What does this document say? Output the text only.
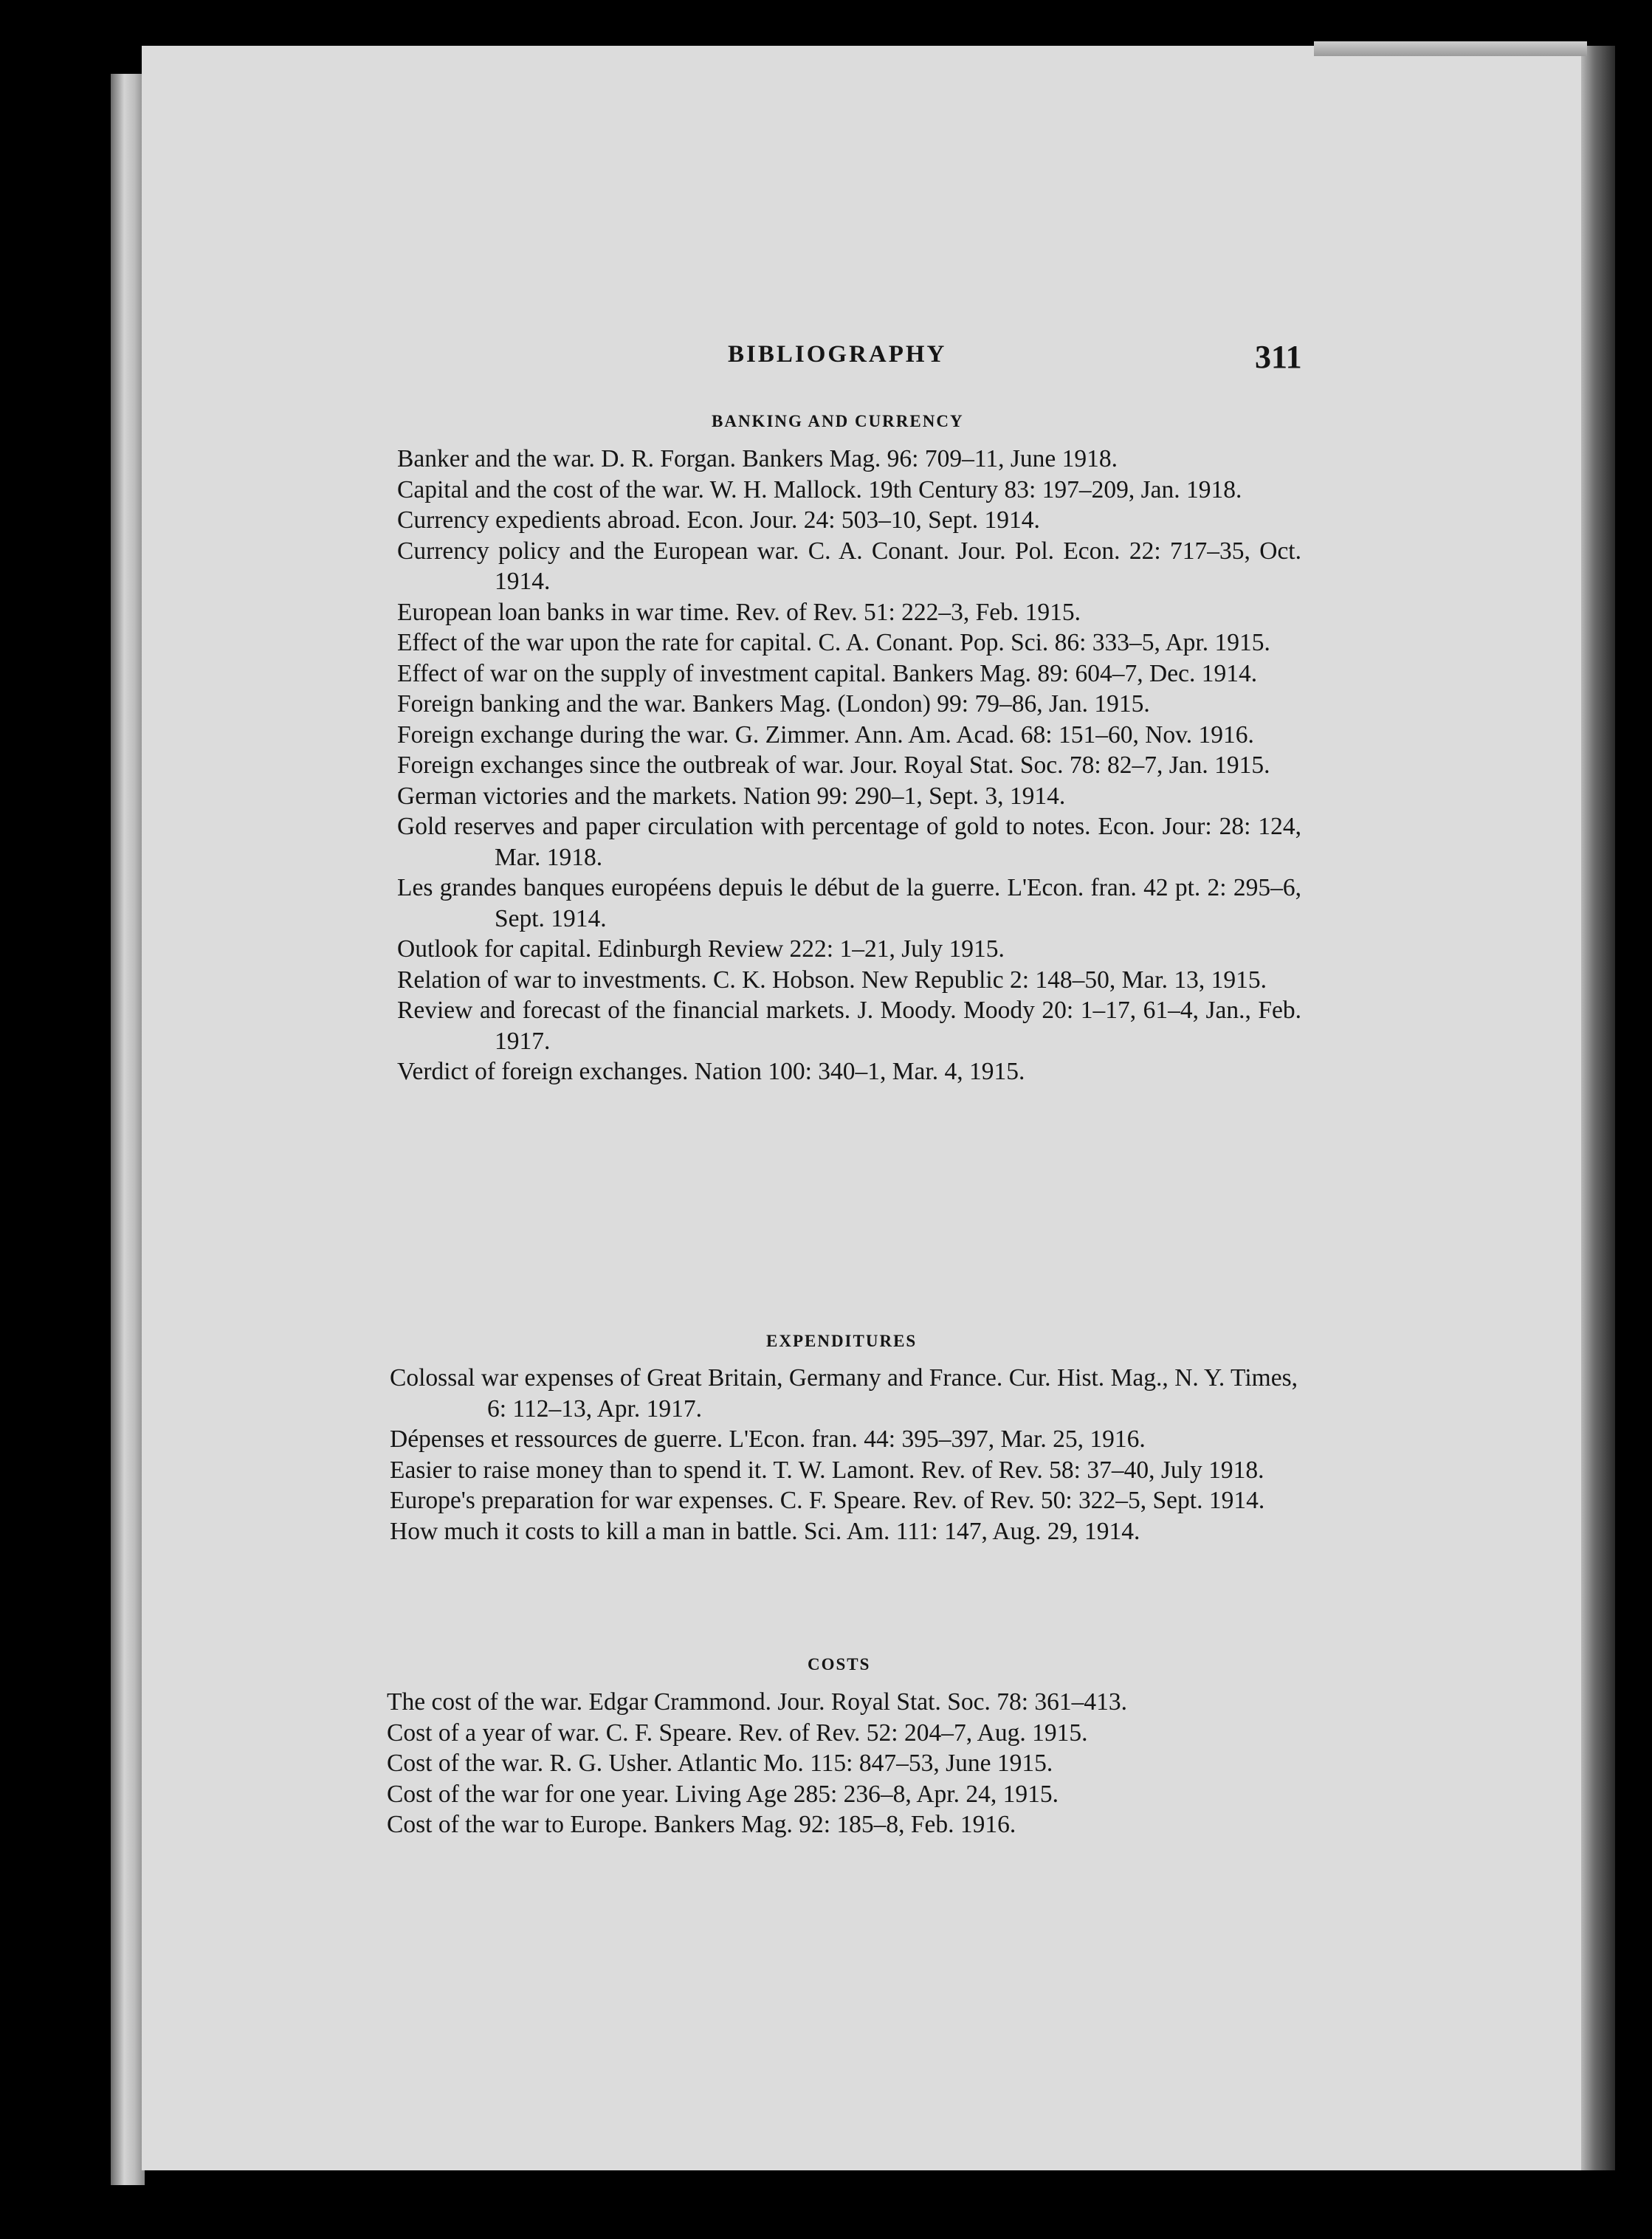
BIBLIOGRAPHY	311
BANKING AND CURRENCY

Banker and the war. D. R. Forgan. Bankers Mag. 96: 709–11, June 1918.

Capital and the cost of the war. W. H. Mallock. 19th Century 83: 197–209, Jan. 1918.

Currency expedients abroad. Econ. Jour. 24: 503–10, Sept. 1914.

Currency policy and the European war. C. A. Conant. Jour. Pol. Econ. 22: 717–35, Oct. 1914.

European loan banks in war time. Rev. of Rev. 51: 222–3, Feb. 1915.

Effect of the war upon the rate for capital. C. A. Conant. Pop. Sci. 86: 333–5, Apr. 1915.

Effect of war on the supply of investment capital. Bankers Mag. 89: 604–7, Dec. 1914.

Foreign banking and the war. Bankers Mag. (London) 99: 79–86, Jan. 1915.

Foreign exchange during the war. G. Zimmer. Ann. Am. Acad. 68: 151–60, Nov. 1916.

Foreign exchanges since the outbreak of war. Jour. Royal Stat. Soc. 78: 82–7, Jan. 1915.

German victories and the markets. Nation 99: 290–1, Sept. 3, 1914.

Gold reserves and paper circulation with percentage of gold to notes. Econ. Jour: 28: 124, Mar. 1918.

Les grandes banques européens depuis le début de la guerre. L'Econ. fran. 42 pt. 2: 295–6, Sept. 1914.

Outlook for capital. Edinburgh Review 222: 1–21, July 1915.

Relation of war to investments. C. K. Hobson. New Republic 2: 148–50, Mar. 13, 1915.

Review and forecast of the financial markets. J. Moody. Moody 20: 1–17, 61–4, Jan., Feb. 1917.

Verdict of foreign exchanges. Nation 100: 340–1, Mar. 4, 1915.

EXPENDITURES

Colossal war expenses of Great Britain, Germany and France. Cur. Hist. Mag., N. Y. Times, 6: 112–13, Apr. 1917.

Dépenses et ressources de guerre. L'Econ. fran. 44: 395–397, Mar. 25, 1916.

Easier to raise money than to spend it. T. W. Lamont. Rev. of Rev. 58: 37–40, July 1918.

Europe's preparation for war expenses. C. F. Speare. Rev. of Rev. 50: 322–5, Sept. 1914.

How much it costs to kill a man in battle. Sci. Am. 111: 147, Aug. 29, 1914.

COSTS

The cost of the war. Edgar Crammond. Jour. Royal Stat. Soc. 78: 361–413.

Cost of a year of war. C. F. Speare. Rev. of Rev. 52: 204–7, Aug. 1915.

Cost of the war. R. G. Usher. Atlantic Mo. 115: 847–53, June 1915.

Cost of the war for one year. Living Age 285: 236–8, Apr. 24, 1915.

Cost of the war to Europe. Bankers Mag. 92: 185–8, Feb. 1916.
